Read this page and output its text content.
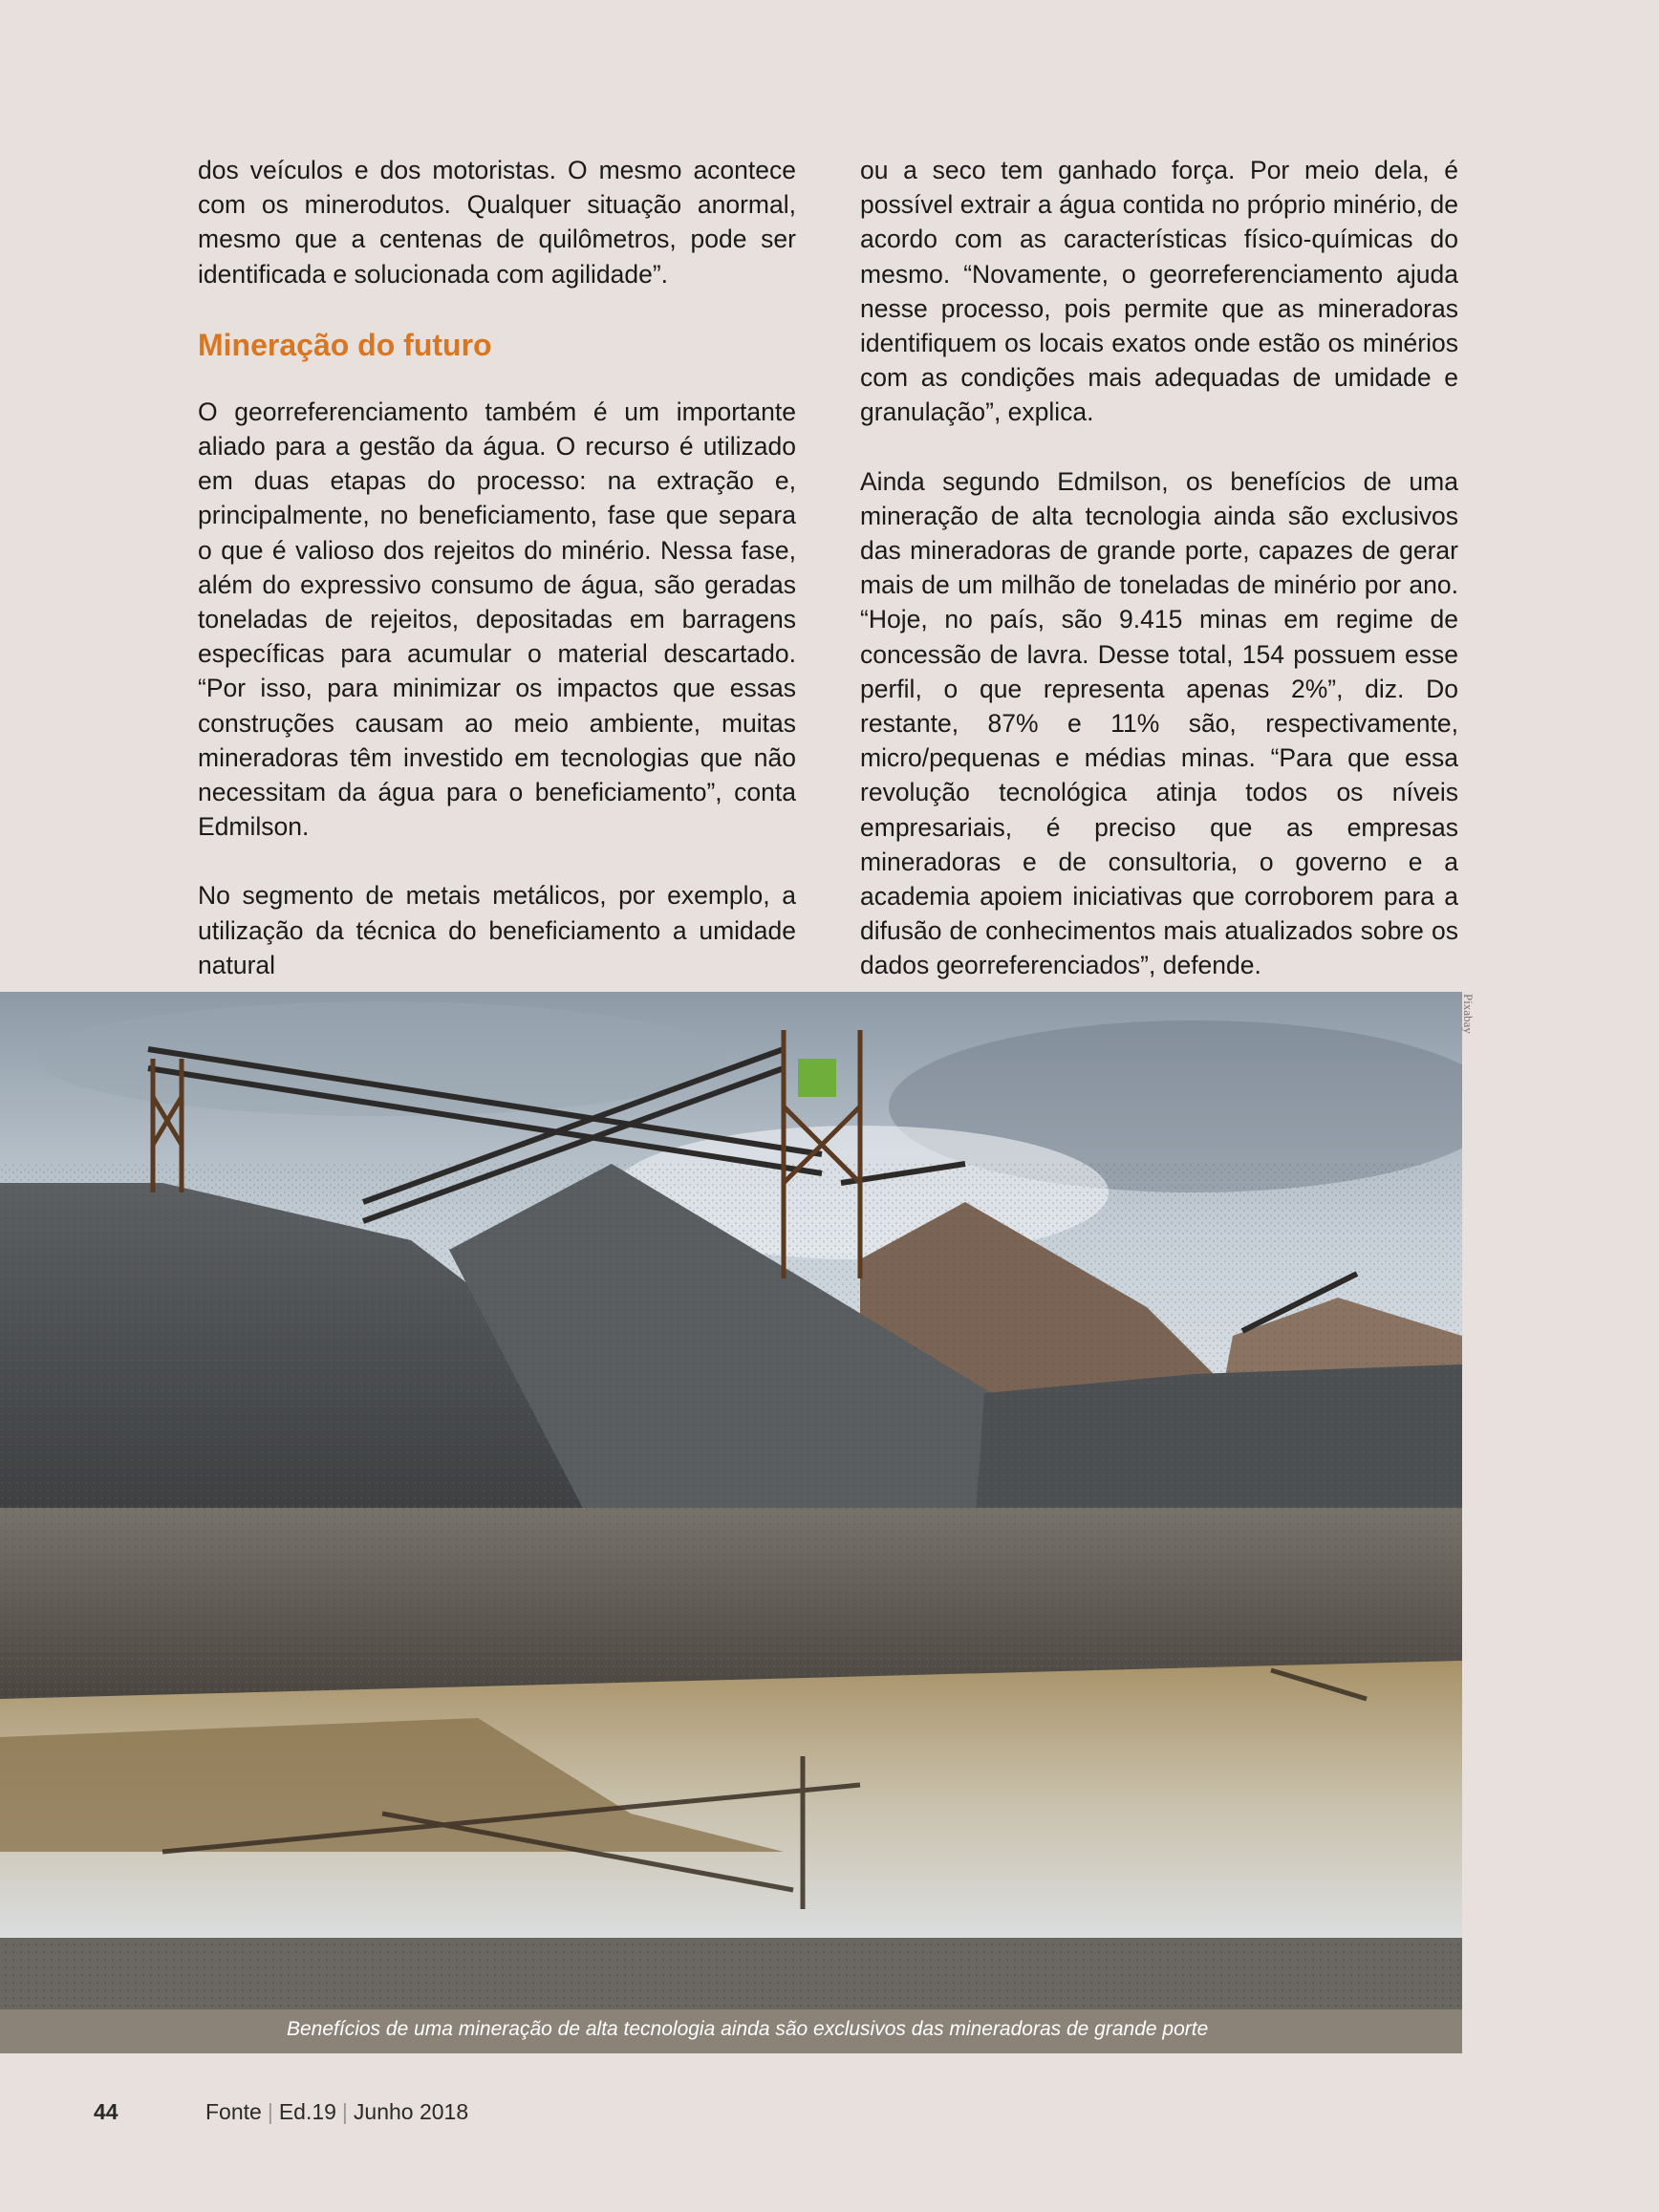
dos veículos e dos motoristas. O mesmo acontece com os minerodutos. Qualquer situação anormal, mesmo que a centenas de quilômetros, pode ser identificada e solucionada com agilidade”.

Mineração do futuro

O georreferenciamento também é um importante aliado para a gestão da água. O recurso é utilizado em duas etapas do processo: na extração e, principalmente, no beneficiamento, fase que separa o que é valioso dos rejeitos do minério. Nessa fase, além do expressivo consumo de água, são geradas toneladas de rejeitos, depositadas em barragens específicas para acumular o material descartado. “Por isso, para minimizar os impactos que essas construções causam ao meio ambiente, muitas mineradoras têm investido em tecnologias que não necessitam da água para o beneficiamento”, conta Edmilson.

No segmento de metais metálicos, por exemplo, a utilização da técnica do beneficiamento a umidade natural

ou a seco tem ganhado força. Por meio dela, é possível extrair a água contida no próprio minério, de acordo com as características físico-químicas do mesmo. “Novamente, o georreferenciamento ajuda nesse processo, pois permite que as mineradoras identifiquem os locais exatos onde estão os minérios com as condições mais adequadas de umidade e granulação”, explica.

Ainda segundo Edmilson, os benefícios de uma mineração de alta tecnologia ainda são exclusivos das mineradoras de grande porte, capazes de gerar mais de um milhão de toneladas de minério por ano. “Hoje, no país, são 9.415 minas em regime de concessão de lavra. Desse total, 154 possuem esse perfil, o que representa apenas 2%”, diz. Do restante, 87% e 11% são, respectivamente, micro/pequenas e médias minas. “Para que essa revolução tecnológica atinja todos os níveis empresariais, é preciso que as empresas mineradoras e de consultoria, o governo e a academia apoiem iniciativas que corroborem para a difusão de conhecimentos mais atualizados sobre os dados georreferenciados”, defende.

Pixabay
Benefícios de uma mineração de alta tecnologia ainda são exclusivos das mineradoras de grande porte
44	Fonte | Ed.19 | Junho 2018
